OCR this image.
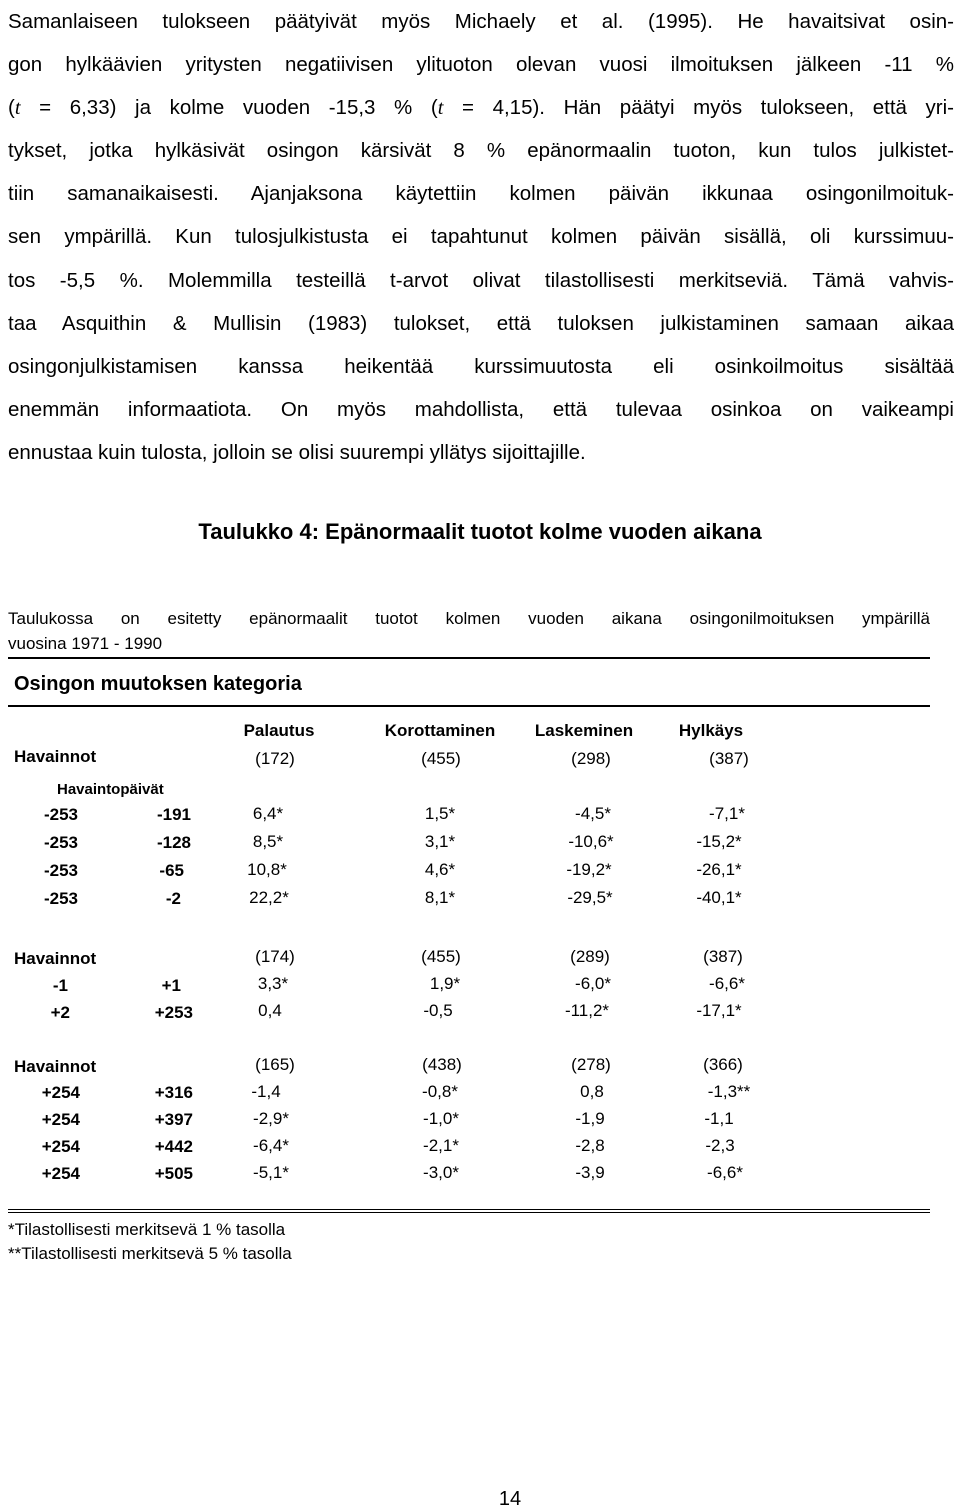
Samanlaiseen tulokseen päätyivät myös Michaely et al. (1995). He havaitsivat osin-
gon hylkäävien yritysten negatiivisen ylituoton olevan vuosi ilmoituksen jälkeen -11 %
(t = 6,33) ja kolme vuoden -15,3 % (t = 4,15). Hän päätyi myös tulokseen, että yri-
tykset, jotka hylkäsivät osingon kärsivät 8 % epänormaalin tuoton, kun tulos julkistet-
tiin samanaikaisesti. Ajanjaksona käytettiin kolmen päivän ikkunaa osingonilmoituk-
sen ympärillä. Kun tulosjulkistusta ei tapahtunut kolmen päivän sisällä, oli kurssimuu-
tos -5,5 %. Molemmilla testeillä t-arvot olivat tilastollisesti merkitseviä. Tämä vahvis-
taa Asquithin & Mullisin (1983) tulokset, että tuloksen julkistaminen samaan aikaa
osingonjulkistamisen kanssa heikentää kurssimuutosta eli osinkoilmoitus sisältää
enemmän informaatiota. On myös mahdollista, että tulevaa osinkoa on vaikeampi
ennustaa kuin tulosta, jolloin se olisi suurempi yllätys sijoittajille.
Taulukko 4: Epänormaalit tuotot kolme vuoden aikana
Taulukossa on esitetty epänormaalit tuotot kolmen vuoden aikana osingonilmoituksen ympärillä
vuosina 1971 - 1990
Osingon muutoksen kategoria
Palautus	Korottaminen Laskeminen	Hylkäys
Havainnot	(172)	(455)	(298)	(387)
Havaintopäivät
-253	-191	6,4*	1,5*	-4,5*	-7,1*
-253	-128	8,5*	3,1*	-10,6*	-15,2*
-253	-65	10,8*	4,6*	-19,2*	-26,1*
-253	-2	22,2*	8,1*	-29,5*	-40,1*
Havainnot	(174)	(455)	(289)	(387)
-1	+1	3,3*	1,9*	-6,0*	-6,6*
+2	+253	0,4	-0,5	-11,2*	-17,1*
Havainnot	(165)	(438)	(278)	(366)
+254	+316	-1,4	-0,8*	0,8	-1,3**
+254	+397	-2,9*	-1,0*	-1,9	-1,1
+254	+442	-6,4*	-2,1*	-2,8	-2,3
+254	+505	-5,1*	-3,0*	-3,9	-6,6*
*Tilastollisesti merkitsevä 1 % tasolla
**Tilastollisesti merkitsevä 5 % tasolla
14
